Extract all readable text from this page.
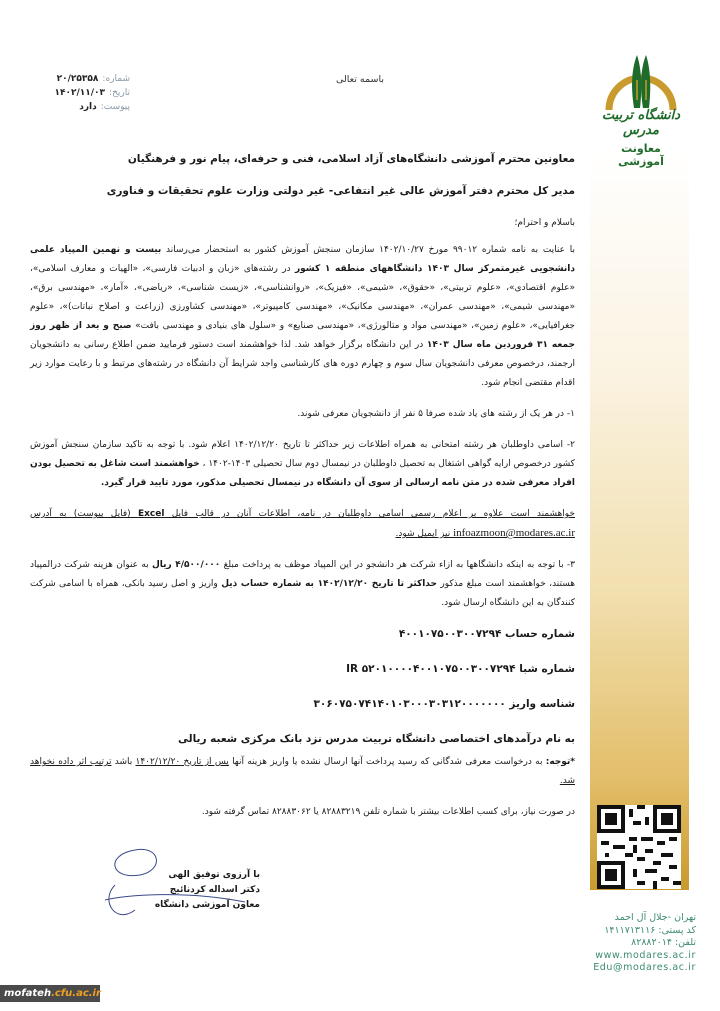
دانشگاه تربیت مدرس
معاونت آموزشی
باسمه تعالی
شماره:
۲۰/۲۵۳۵۸
تاریخ:
۱۴۰۲/۱۱/۰۳
پیوست:
دارد

معاونین محترم آموزشی دانشگاه‌های آزاد اسلامی، فنی و حرفه‌ای، پیام نور و فرهنگیان

مدیر کل محترم دفتر آموزش عالی غیر انتفاعی- غیر دولتی وزارت علوم تحقیقات و فناوری

باسلام و احترام؛

با عنایت به نامه شماره ۹۹۰۱۲ مورخ ۱۴۰۲/۱۰/۲۷ سازمان سنجش آموزش کشور به استحضار می‌رساند بیست و نهمین المپیاد علمی دانشجویی غیرمتمرکز سال ۱۴۰۳ دانشگاههای منطقه ۱ کشور در رشته‌های «زبان و ادبیات فارسی»، «الهیات و معارف اسلامی»، «علوم اقتصادی»، «علوم تربیتی»، «حقوق»، «شیمی»، «فیزیک»، «روانشناسی»، «زیست شناسی»، «ریاضی»، «آمار»، «مهندسی برق»، «مهندسی شیمی»، «مهندسی عمران»، «مهندسی مکانیک»، «مهندسی کامپیوتر»، «مهندسی کشاورزی (زراعت و اصلاح نباتات)»، «علوم جغرافیایی»، «علوم زمین»، «مهندسی مواد و متالورژی»، «مهندسی صنایع» و «سلول های بنیادی و مهندسی بافت» صبح و بعد از ظهر روز جمعه ۳۱ فروردین ماه سال ۱۴۰۳ در این دانشگاه برگزار خواهد شد. لذا خواهشمند است دستور فرمایید ضمن اطلاع رسانی به دانشجویان ارجمند، درخصوص معرفی دانشجویان سال سوم و چهارم دوره های کارشناسی واجد شرایط آن دانشگاه در رشته‌های مرتبط و با رعایت موارد زیر اقدام مقتضی انجام شود.

۱- در هر یک از رشته های یاد شده صرفا ۵ نفر از دانشجویان معرفی شوند.

۲- اسامی داوطلبان هر رشته امتحانی به همراه اطلاعات زیر حداکثر تا تاریخ ۱۴۰۲/۱۲/۲۰ اعلام شود. با توجه به تاکید سازمان سنجش آموزش کشور درخصوص ارایه گواهی اشتغال به تحصیل داوطلبان در نیمسال دوم سال تحصیلی ۱۴۰۳-۱۴۰۲ ، خواهشمند است شاغل به تحصیل بودن افراد معرفی شده در متن نامه ارسالی از سوی آن دانشگاه در نیمسال تحصیلی مذکور، مورد تایید قرار گیرد.

خواهشمند است علاوه بر اعلام رسمی اسامی داوطلبان در نامه، اطلاعات آنان در قالب فایل Excel (فایل پیوست) به آدرس infoazmoon@modares.ac.ir نیز ایمیل شود.

۳- با توجه به اینکه دانشگاهها به ازاء شرکت هر دانشجو در این المپیاد موظف به پرداخت مبلغ ۴/۵۰۰/۰۰۰ ریال به عنوان هزینه شرکت درالمپیاد هستند، خواهشمند است مبلغ مذکور حداکثر تا تاریخ ۱۴۰۲/۱۲/۲۰ به شماره حساب ذیل واریز و اصل رسید بانکی، همراه با اسامی شرکت کنندگان به این دانشگاه ارسال شود.

شماره حساب ۴۰۰۱۰۷۵۰۰۳۰۰۷۲۹۴

شماره شبا IR ۵۲۰۱۰۰۰۰۴۰۰۱۰۷۵۰۰۳۰۰۷۲۹۴

شناسه واریز ۳۰۶۰۷۵۰۷۴۱۴۰۱۰۳۰۰۰۳۰۳۱۲۰۰۰۰۰۰۰

به نام درآمدهای اختصاصی دانشگاه تربیت مدرس نزد بانک مرکزی شعبه ریالی

*توجه: به درخواست معرفی شدگانی که رسید پرداخت آنها ارسال نشده یا واریز هزینه آنها پس از تاریخ ۱۴۰۲/۱۲/۲۰ باشد ترتیب اثر داده نخواهد شد.

در صورت نیاز، برای کسب اطلاعات بیشتر با شماره تلفن ۸۲۸۸۳۲۱۹ یا ۸۲۸۸۳۰۶۲ تماس گرفته شود.

با آرزوی توفیق الهی
دکتر اسداله کردنائیج
معاون آموزشی دانشگاه
تهران -جلال آل احمد
کد پستی: ۱۴۱۱۷۱۳۱۱۶
تلفن: ۸۲۸۸۲۰۱۴
www.modares.ac.ir
Edu@modares.ac.ir
mofateh.cfu.ac.ir
